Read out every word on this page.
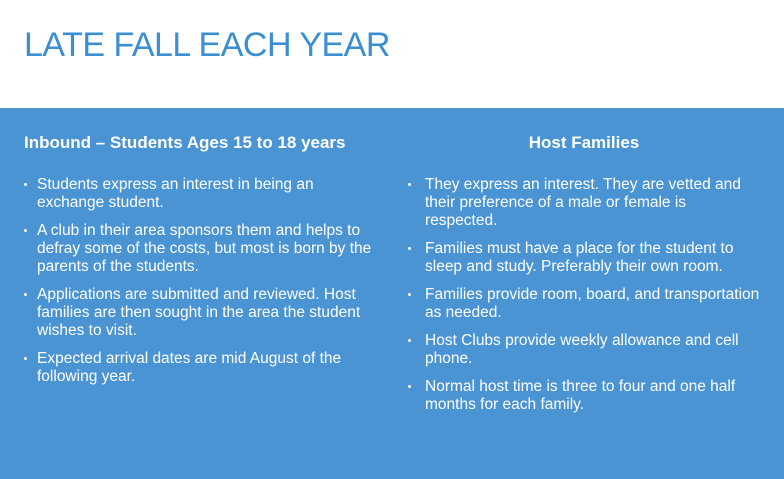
LATE FALL EACH YEAR
Inbound – Students Ages 15 to 18 years
Students express an interest in being an exchange student.
A club in their area sponsors them and helps to defray some of the costs, but most is born by the parents of the students.
Applications are submitted and reviewed. Host families are then sought in the area the student wishes to visit.
Expected arrival dates are mid August of the following year.
Host Families
They express an interest. They are vetted and their preference of a male or female is respected.
Families must have a place for the student to sleep and study. Preferably their own room.
Families provide room, board, and transportation as needed.
Host Clubs provide weekly allowance and cell phone.
Normal host time is three to four and one half months for each family.
